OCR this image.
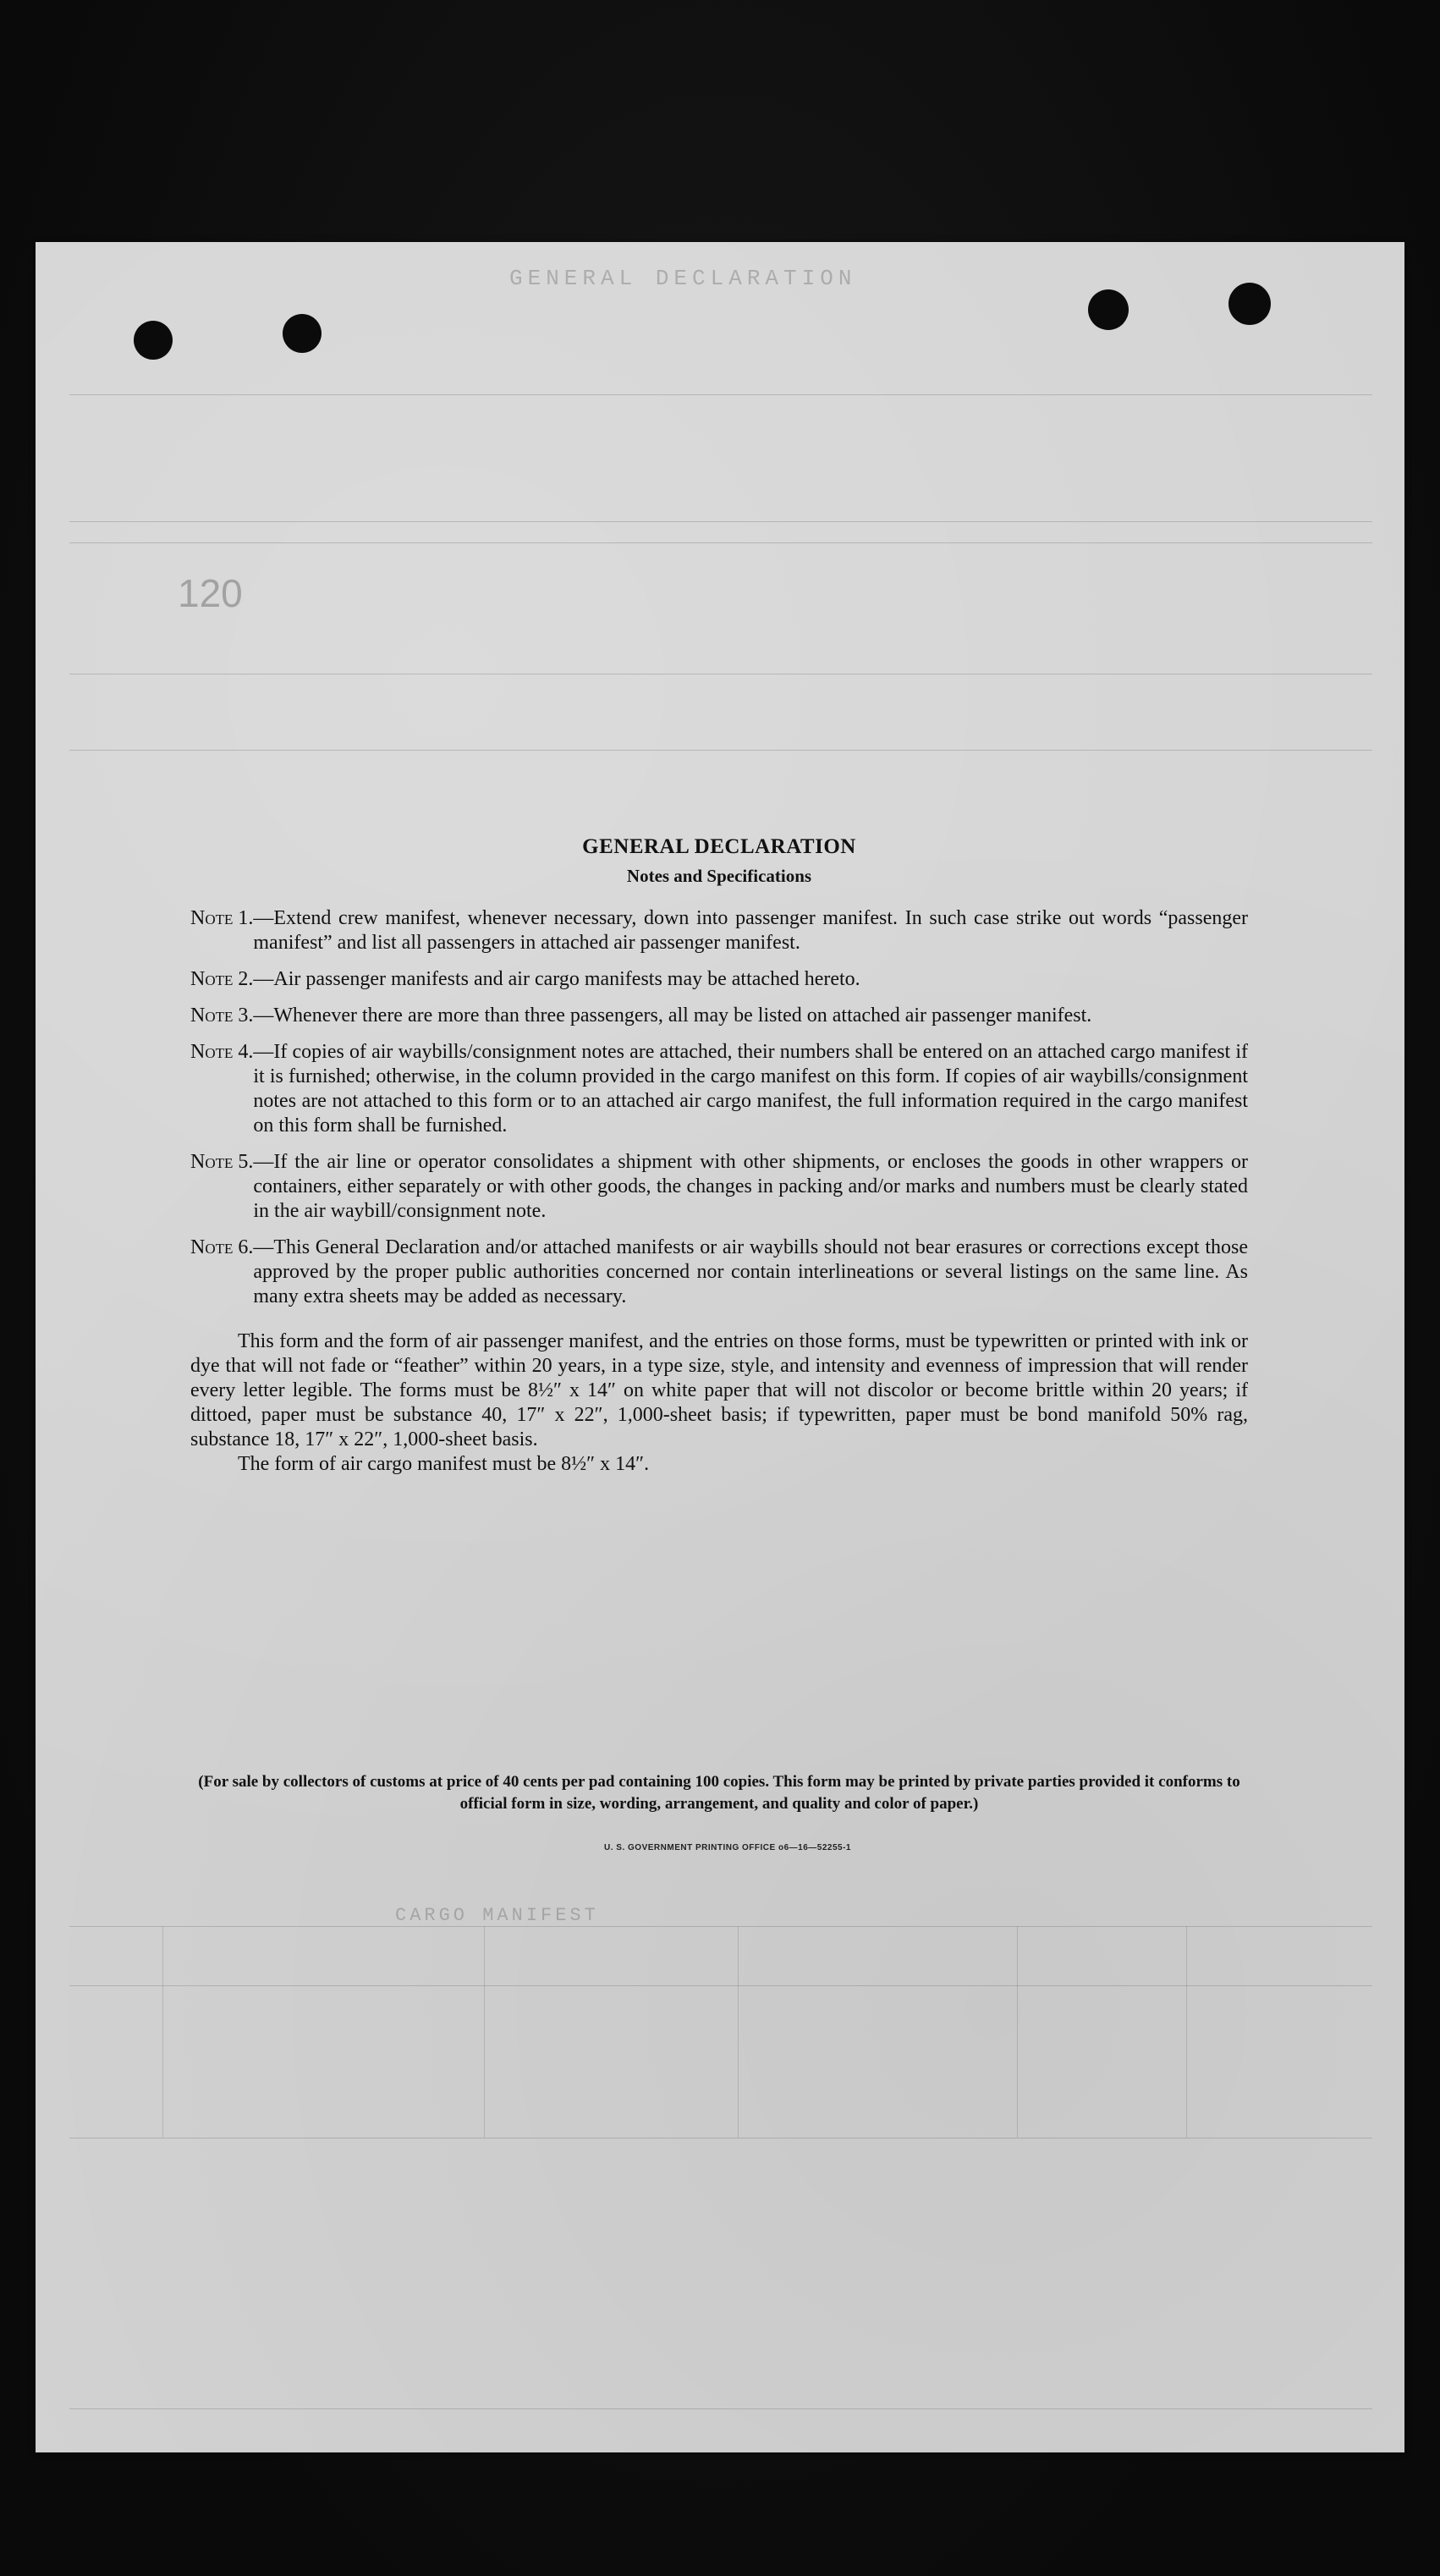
GENERAL DECLARATION
120
CARGO MANIFEST
GENERAL DECLARATION
Notes and Specifications
Note 1. —Extend crew manifest, whenever necessary, down into passenger manifest. In such case strike out words “passenger manifest” and list all passengers in attached air passenger manifest.
Note 2. —Air passenger manifests and air cargo manifests may be attached hereto.
Note 3. —Whenever there are more than three passengers, all may be listed on attached air passenger manifest.
Note 4. —If copies of air waybills/consignment notes are attached, their numbers shall be entered on an attached cargo manifest if it is furnished; otherwise, in the column provided in the cargo manifest on this form. If copies of air waybills/consignment notes are not attached to this form or to an attached air cargo manifest, the full information required in the cargo manifest on this form shall be furnished.
Note 5. —If the air line or operator consolidates a shipment with other shipments, or encloses the goods in other wrappers or containers, either separately or with other goods, the changes in packing and/or marks and numbers must be clearly stated in the air waybill/consignment note.
Note 6. —This General Declaration and/or attached manifests or air waybills should not bear erasures or corrections except those approved by the proper public authorities concerned nor contain interlineations or several listings on the same line. As many extra sheets may be added as necessary.
This form and the form of air passenger manifest, and the entries on those forms, must be typewritten or printed with ink or dye that will not fade or “feather” within 20 years, in a type size, style, and intensity and evenness of impression that will render every letter legible. The forms must be 8½″ x 14″ on white paper that will not discolor or become brittle within 20 years; if dittoed, paper must be substance 40, 17″ x 22″, 1,000-sheet basis; if typewritten, paper must be bond manifold 50% rag, substance 18, 17″ x 22″, 1,000-sheet basis.
The form of air cargo manifest must be 8½″ x 14″.
(For sale by collectors of customs at price of 40 cents per pad containing 100 copies. This form may be printed by private parties provided it conforms to official form in size, wording, arrangement, and quality and color of paper.)
U. S. GOVERNMENT PRINTING OFFICE o6—16—52255-1
